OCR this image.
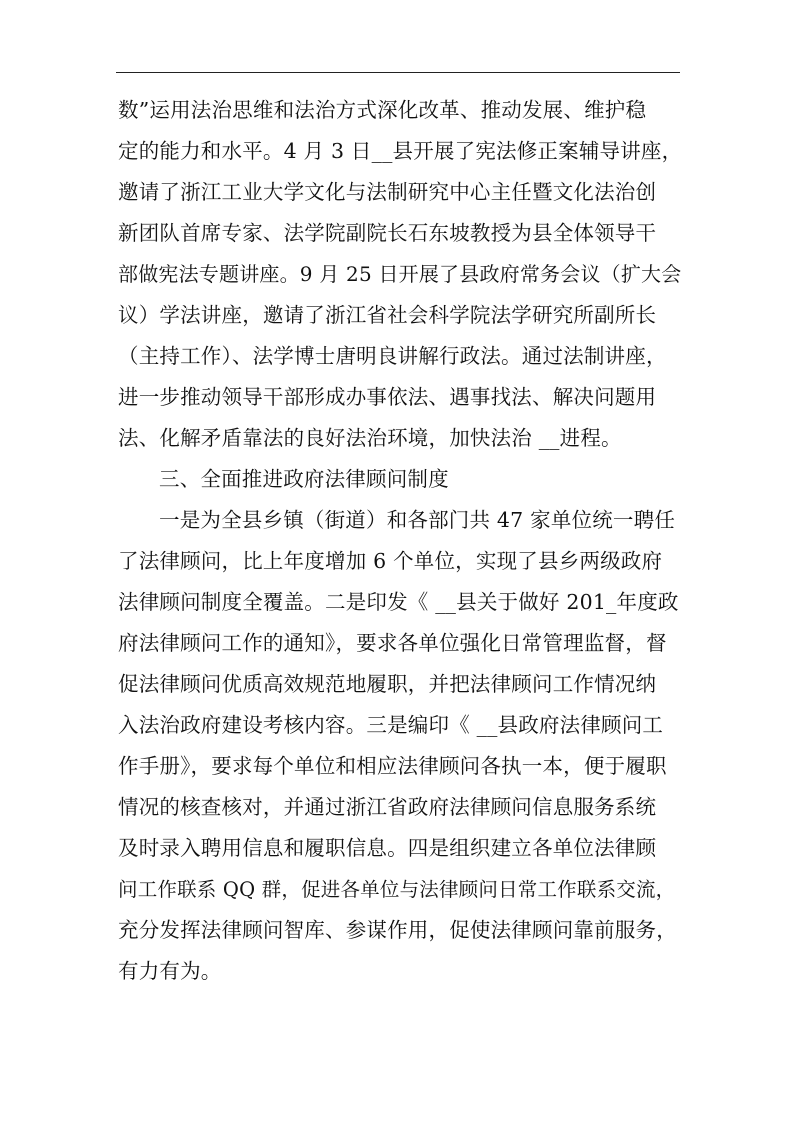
数”运用法治思维和法治方式深化改革、推动发展、维护稳
定的能力和水平。4 月 3 日__县开展了宪法修正案辅导讲座，
邀请了浙江工业大学文化与法制研究中心主任暨文化法治创
新团队首席专家、法学院副院长石东坡教授为县全体领导干
部做宪法专题讲座。9 月 25 日开展了县政府常务会议（扩大会
议）学法讲座，邀请了浙江省社会科学院法学研究所副所长
（主持工作）、法学博士唐明良讲解行政法。通过法制讲座，
进一步推动领导干部形成办事依法、遇事找法、解决问题用
法、化解矛盾靠法的良好法治环境，加快法治 __进程。
三、全面推进政府法律顾问制度
一是为全县乡镇（街道）和各部门共 47 家单位统一聘任
了法律顾问，比上年度增加 6 个单位，实现了县乡两级政府
法律顾问制度全覆盖。二是印发《 __县关于做好 201_年度政
府法律顾问工作的通知》，要求各单位强化日常管理监督，督
促法律顾问优质高效规范地履职，并把法律顾问工作情况纳
入法治政府建设考核内容。三是编印《 __县政府法律顾问工
作手册》，要求每个单位和相应法律顾问各执一本，便于履职
情况的核查核对，并通过浙江省政府法律顾问信息服务系统
及时录入聘用信息和履职信息。四是组织建立各单位法律顾
问工作联系 QQ 群，促进各单位与法律顾问日常工作联系交流，
充分发挥法律顾问智库、参谋作用，促使法律顾问靠前服务，
有力有为。
